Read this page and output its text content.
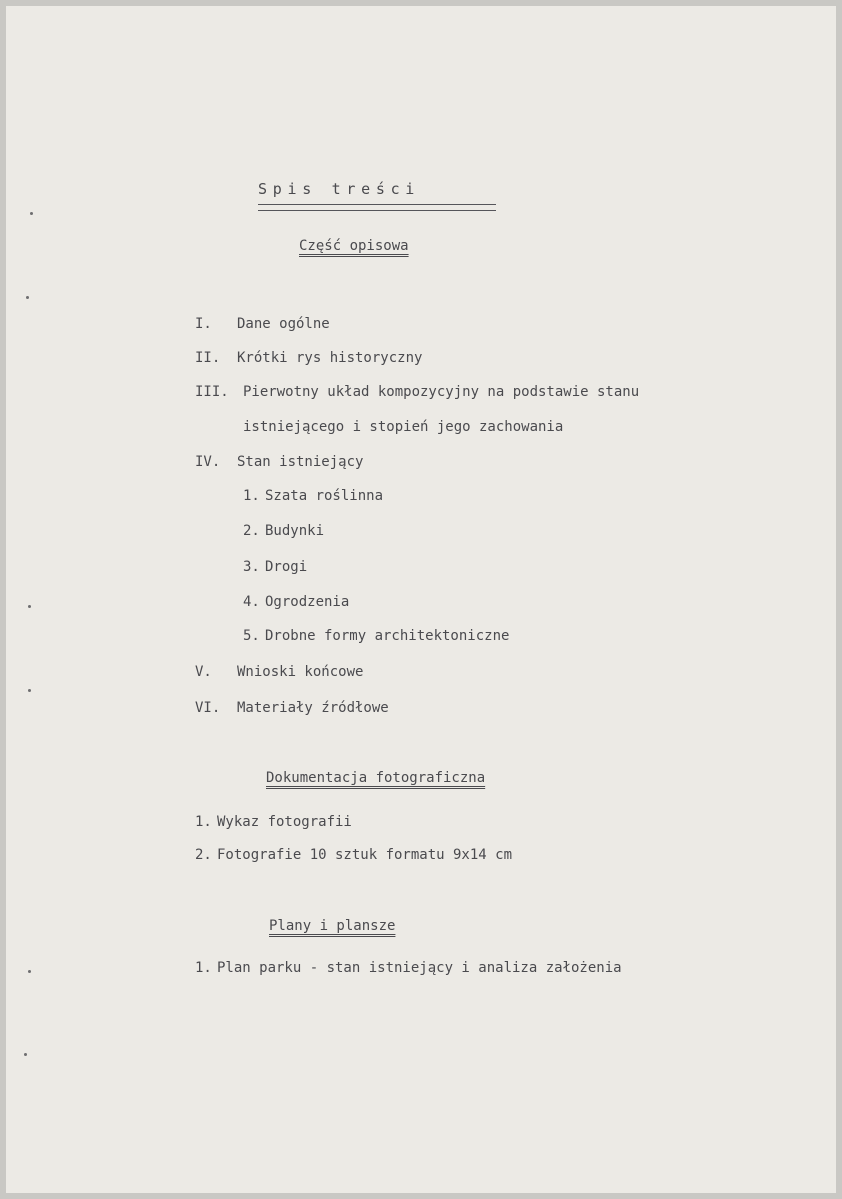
Spis treści
Część opisowa
I. Dane ogólne
II. Krótki rys historyczny
III. Pierwotny układ kompozycyjny na podstawie stanu
istniejącego i stopień jego zachowania
IV. Stan istniejący
1. Szata roślinna
2. Budynki
3. Drogi
4. Ogrodzenia
5. Drobne formy architektoniczne
V. Wnioski końcowe
VI. Materiały źródłowe
Dokumentacja fotograficzna
1. Wykaz fotografii
2. Fotografie 10 sztuk formatu 9x14 cm
Plany i plansze
1. Plan parku - stan istniejący i analiza założenia
